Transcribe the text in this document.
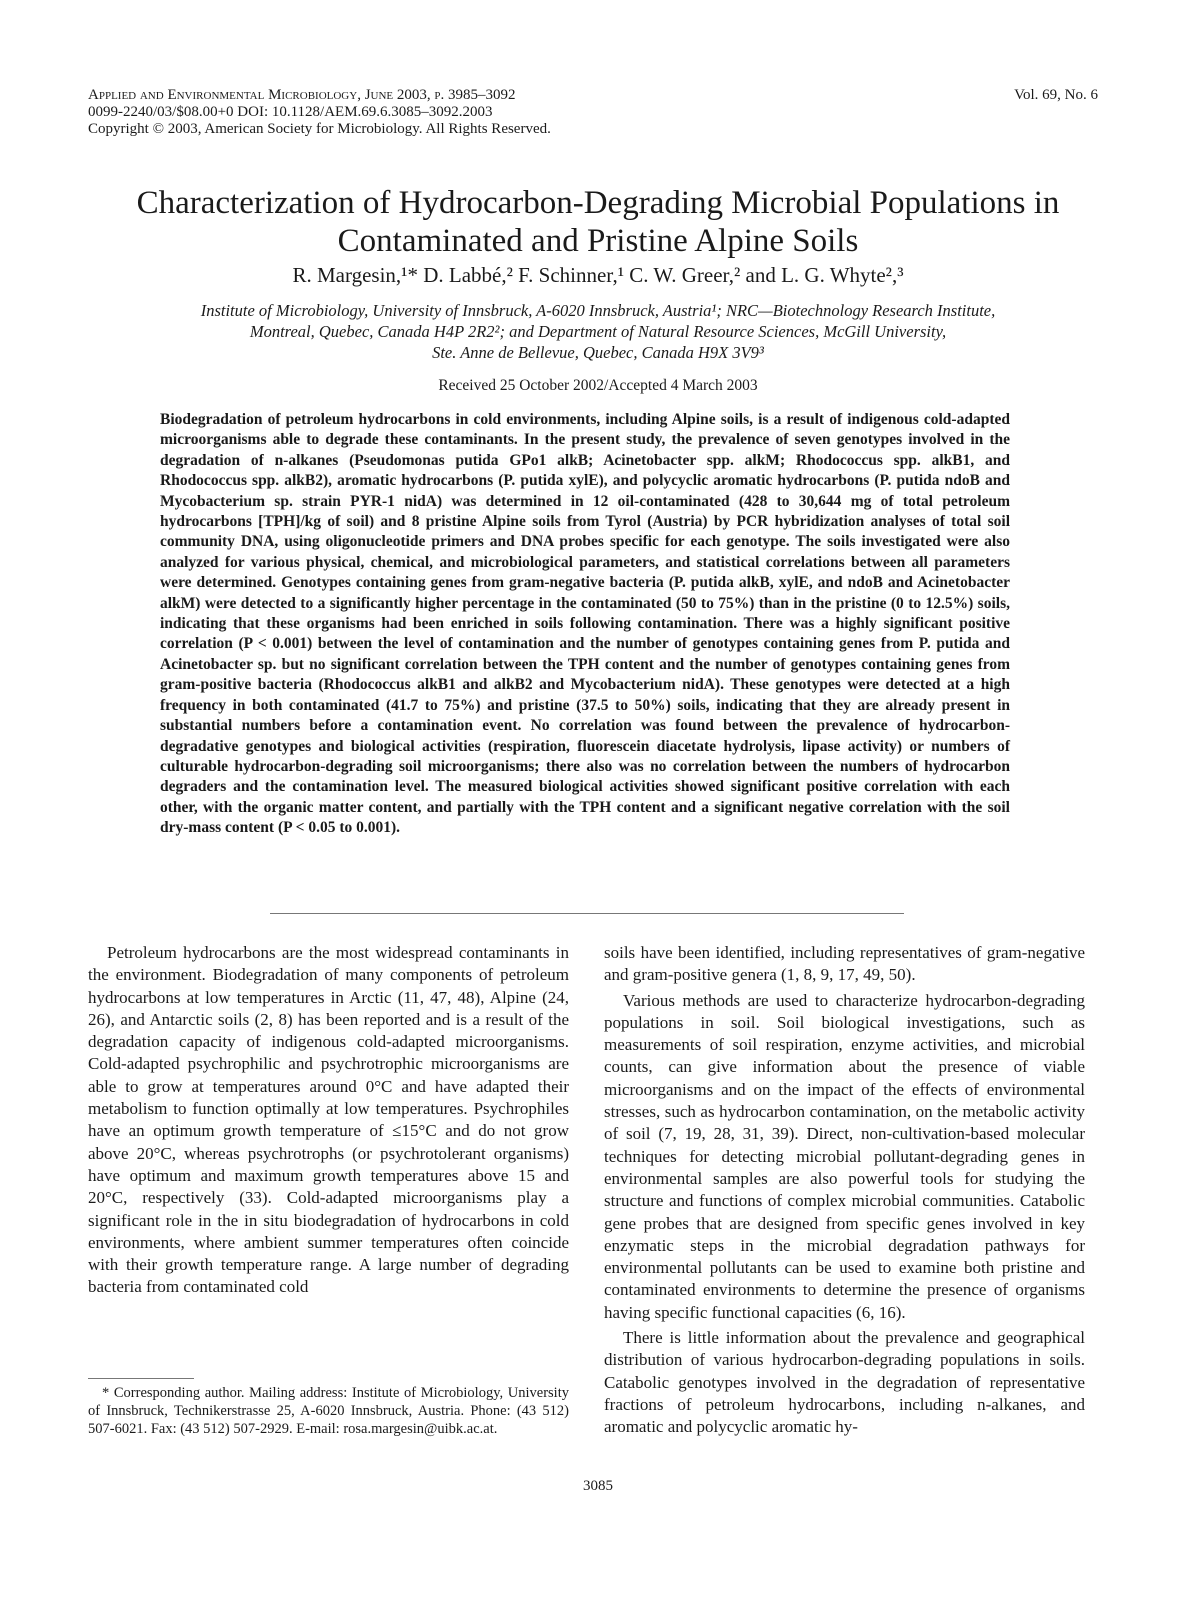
Applied and Environmental Microbiology, June 2003, p. 3985–3092
0099-2240/03/$08.00+0 DOI: 10.1128/AEM.69.6.3085–3092.2003
Copyright © 2003, American Society for Microbiology. All Rights Reserved.
Vol. 69, No. 6
Characterization of Hydrocarbon-Degrading Microbial Populations in Contaminated and Pristine Alpine Soils
R. Margesin,¹* D. Labbé,² F. Schinner,¹ C. W. Greer,² and L. G. Whyte²,³
Institute of Microbiology, University of Innsbruck, A-6020 Innsbruck, Austria¹; NRC—Biotechnology Research Institute,
Montreal, Quebec, Canada H4P 2R2²; and Department of Natural Resource Sciences, McGill University,
Ste. Anne de Bellevue, Quebec, Canada H9X 3V9³
Received 25 October 2002/Accepted 4 March 2003

Biodegradation of petroleum hydrocarbons in cold environments, including Alpine soils, is a result of indigenous cold-adapted microorganisms able to degrade these contaminants. In the present study, the prevalence of seven genotypes involved in the degradation of n-alkanes (Pseudomonas putida GPo1 alkB; Acinetobacter spp. alkM; Rhodococcus spp. alkB1, and Rhodococcus spp. alkB2), aromatic hydrocarbons (P. putida xylE), and polycyclic aromatic hydrocarbons (P. putida ndoB and Mycobacterium sp. strain PYR-1 nidA) was determined in 12 oil-contaminated (428 to 30,644 mg of total petroleum hydrocarbons [TPH]/kg of soil) and 8 pristine Alpine soils from Tyrol (Austria) by PCR hybridization analyses of total soil community DNA, using oligonucleotide primers and DNA probes specific for each genotype. The soils investigated were also analyzed for various physical, chemical, and microbiological parameters, and statistical correlations between all parameters were determined. Genotypes containing genes from gram-negative bacteria (P. putida alkB, xylE, and ndoB and Acinetobacter alkM) were detected to a significantly higher percentage in the contaminated (50 to 75%) than in the pristine (0 to 12.5%) soils, indicating that these organisms had been enriched in soils following contamination. There was a highly significant positive correlation (P < 0.001) between the level of contamination and the number of genotypes containing genes from P. putida and Acinetobacter sp. but no significant correlation between the TPH content and the number of genotypes containing genes from gram-positive bacteria (Rhodococcus alkB1 and alkB2 and Mycobacterium nidA). These genotypes were detected at a high frequency in both contaminated (41.7 to 75%) and pristine (37.5 to 50%) soils, indicating that they are already present in substantial numbers before a contamination event. No correlation was found between the prevalence of hydrocarbon-degradative genotypes and biological activities (respiration, fluorescein diacetate hydrolysis, lipase activity) or numbers of culturable hydrocarbon-degrading soil microorganisms; there also was no correlation between the numbers of hydrocarbon degraders and the contamination level. The measured biological activities showed significant positive correlation with each other, with the organic matter content, and partially with the TPH content and a significant negative correlation with the soil dry-mass content (P < 0.05 to 0.001).

Petroleum hydrocarbons are the most widespread contaminants in the environment. Biodegradation of many components of petroleum hydrocarbons at low temperatures in Arctic (11, 47, 48), Alpine (24, 26), and Antarctic soils (2, 8) has been reported and is a result of the degradation capacity of indigenous cold-adapted microorganisms. Cold-adapted psychrophilic and psychrotrophic microorganisms are able to grow at temperatures around 0°C and have adapted their metabolism to function optimally at low temperatures. Psychrophiles have an optimum growth temperature of ≤15°C and do not grow above 20°C, whereas psychrotrophs (or psychrotolerant organisms) have optimum and maximum growth temperatures above 15 and 20°C, respectively (33). Cold-adapted microorganisms play a significant role in the in situ biodegradation of hydrocarbons in cold environments, where ambient summer temperatures often coincide with their growth temperature range. A large number of degrading bacteria from contaminated cold

soils have been identified, including representatives of gram-negative and gram-positive genera (1, 8, 9, 17, 49, 50).

Various methods are used to characterize hydrocarbon-degrading populations in soil. Soil biological investigations, such as measurements of soil respiration, enzyme activities, and microbial counts, can give information about the presence of viable microorganisms and on the impact of the effects of environmental stresses, such as hydrocarbon contamination, on the metabolic activity of soil (7, 19, 28, 31, 39). Direct, non-cultivation-based molecular techniques for detecting microbial pollutant-degrading genes in environmental samples are also powerful tools for studying the structure and functions of complex microbial communities. Catabolic gene probes that are designed from specific genes involved in key enzymatic steps in the microbial degradation pathways for environmental pollutants can be used to examine both pristine and contaminated environments to determine the presence of organisms having specific functional capacities (6, 16).

There is little information about the prevalence and geographical distribution of various hydrocarbon-degrading populations in soils. Catabolic genotypes involved in the degradation of representative fractions of petroleum hydrocarbons, including n-alkanes, and aromatic and polycyclic aromatic hy-

* Corresponding author. Mailing address: Institute of Microbiology, University of Innsbruck, Technikerstrasse 25, A-6020 Innsbruck, Austria. Phone: (43 512) 507-6021. Fax: (43 512) 507-2929. E-mail: rosa.margesin@uibk.ac.at.

3085
